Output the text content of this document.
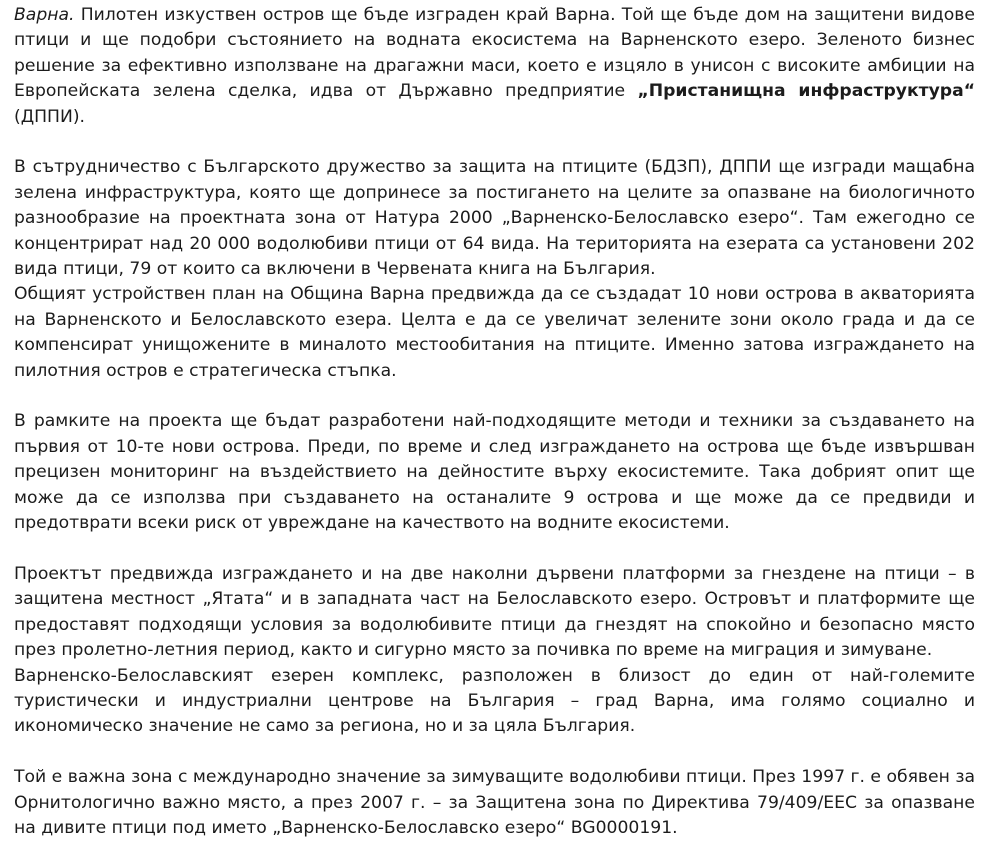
Варна. Пилотен изкуствен остров ще бъде изграден край Варна. Той ще бъде дом на защитени видове птици и ще подобри състоянието на водната екосистема на Варненското езеро. Зеленото бизнес решение за ефективно използване на драгажни маси, което е изцяло в унисон с високите амбиции на Европейската зелена сделка, идва от Държавно предприятие „Пристанищна инфраструктура“ (ДППИ).

В сътрудничество с Българското дружество за защита на птиците (БДЗП), ДППИ ще изгради мащабна зелена инфраструктура, която ще допринесе за постигането на целите за опазване на биологичното разнообразие на проектната зона от Натура 2000 „Варненско-Белославско езеро“. Там ежегодно се концентрират над 20 000 водолюбиви птици от 64 вида. На територията на езерата са установени 202 вида птици, 79 от които са включени в Червената книга на България.

Общият устройствен план на Община Варна предвижда да се създадат 10 нови острова в акваторията на Варненското и Белославското езера. Целта е да се увеличат зелените зони около града и да се компенсират унищожените в миналото местообитания на птиците. Именно затова изграждането на пилотния остров е стратегическа стъпка.

В рамките на проекта ще бъдат разработени най-подходящите методи и техники за създаването на първия от 10-те нови острова. Преди, по време и след изграждането на острова ще бъде извършван прецизен мониторинг на въздействието на дейностите върху екосистемите. Така добрият опит ще може да се използва при създаването на останалите 9 острова и ще може да се предвиди и предотврати всеки риск от увреждане на качеството на водните екосистеми.

Проектът предвижда изграждането и на две наколни дървени платформи за гнездене на птици – в защитена местност „Ятата“ и в западната част на Белославското езеро. Островът и платформите ще предоставят подходящи условия за водолюбивите птици да гнездят на спокойно и безопасно място през пролетно-летния период, както и сигурно място за почивка по време на миграция и зимуване.

Варненско-Белославският езерен комплекс, разположен в близост до един от най-големите туристически и индустриални центрове на България – град Варна, има голямо социално и икономическо значение не само за региона, но и за цяла България.

Той е важна зона с международно значение за зимуващите водолюбиви птици. През 1997 г. е обявен за Орнитологично важно място, а през 2007 г. – за Защитена зона по Директива 79/409/ЕЕС за опазване на дивите птици под името „Варненско-Белославско езеро“ BG0000191.
